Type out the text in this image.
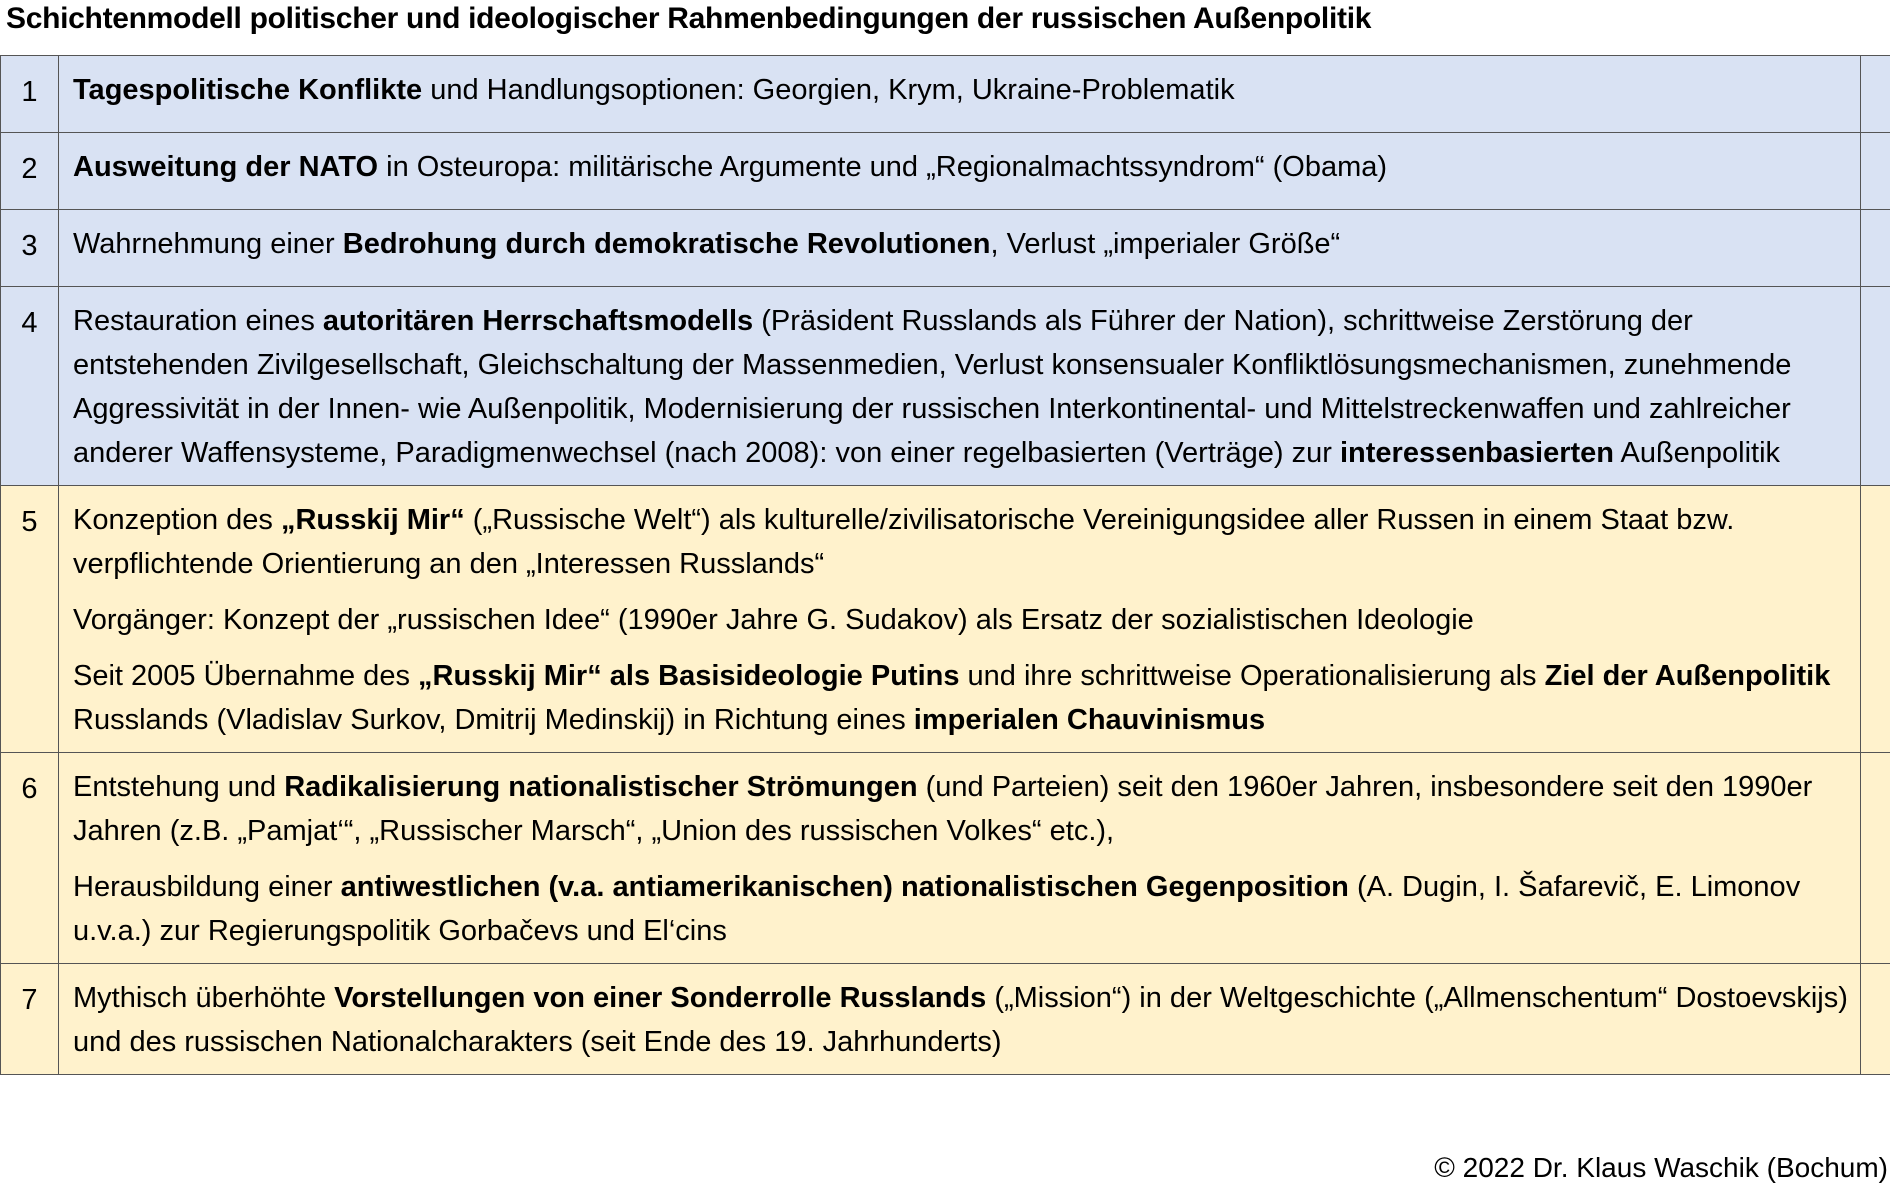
Schichtenmodell politischer und ideologischer Rahmenbedingungen der russischen Außenpolitik
1	Tagespolitische Konflikte und Handlungsoptionen: Georgien, Krym, Ukraine-Problematik	

2	Ausweitung der NATO in Osteuropa: militärische Argumente und „Regionalmachtssyndrom“ (Obama)	

3	Wahrnehmung einer Bedrohung durch demokratische Revolutionen, Verlust „imperialer Größe“	

4	Restauration eines autoritären Herrschaftsmodells (Präsident Russlands als Führer der Nation), schrittweise Zerstörung der entstehenden Zivilgesellschaft, Gleichschaltung der Massenmedien, Verlust konsensualer Konfliktlösungsmechanismen, zunehmende Aggressivität in der Innen- wie Außenpolitik, Modernisierung der russischen Interkontinental- und Mittelstreckenwaffen und zahlreicher anderer Waffensysteme, Paradigmenwechsel (nach 2008): von einer regelbasierten (Verträge) zur interessenbasierten Außenpolitik	

5	Konzeption des „Russkij Mir“ („Russische Welt“) als kulturelle/zivilisatorische Vereinigungsidee aller Russen in einem Staat bzw. verpflichtende Orientierung an den „Interessen Russlands“

Vorgänger: Konzept der „russischen Idee“ (1990er Jahre G. Sudakov) als Ersatz der sozialistischen Ideologie

Seit 2005 Übernahme des „Russkij Mir“ als Basisideologie Putins und ihre schrittweise Operationalisierung als Ziel der Außenpolitik Russlands (Vladislav Surkov, Dmitrij Medinskij) in Richtung eines imperialen Chauvinismus	

6	Entstehung und Radikalisierung nationalistischer Strömungen (und Parteien) seit den 1960er Jahren, insbesondere seit den 1990er Jahren (z.B. „Pamjat‘“, „Russischer Marsch“, „Union des russischen Volkes“ etc.),

Herausbildung einer antiwestlichen (v.a. antiamerikanischen) nationalistischen Gegenposition (A. Dugin, I. Šafarevič, E. Limonov u.v.a.) zur Regierungspolitik Gorbačevs und El‘cins	

7	Mythisch überhöhte Vorstellungen von einer Sonderrolle Russlands („Mission“) in der Weltgeschichte („Allmenschentum“ Dostoevskijs) und des russischen Nationalcharakters (seit Ende des 19. Jahrhunderts)	

© 2022 Dr. Klaus Waschik (Bochum)
